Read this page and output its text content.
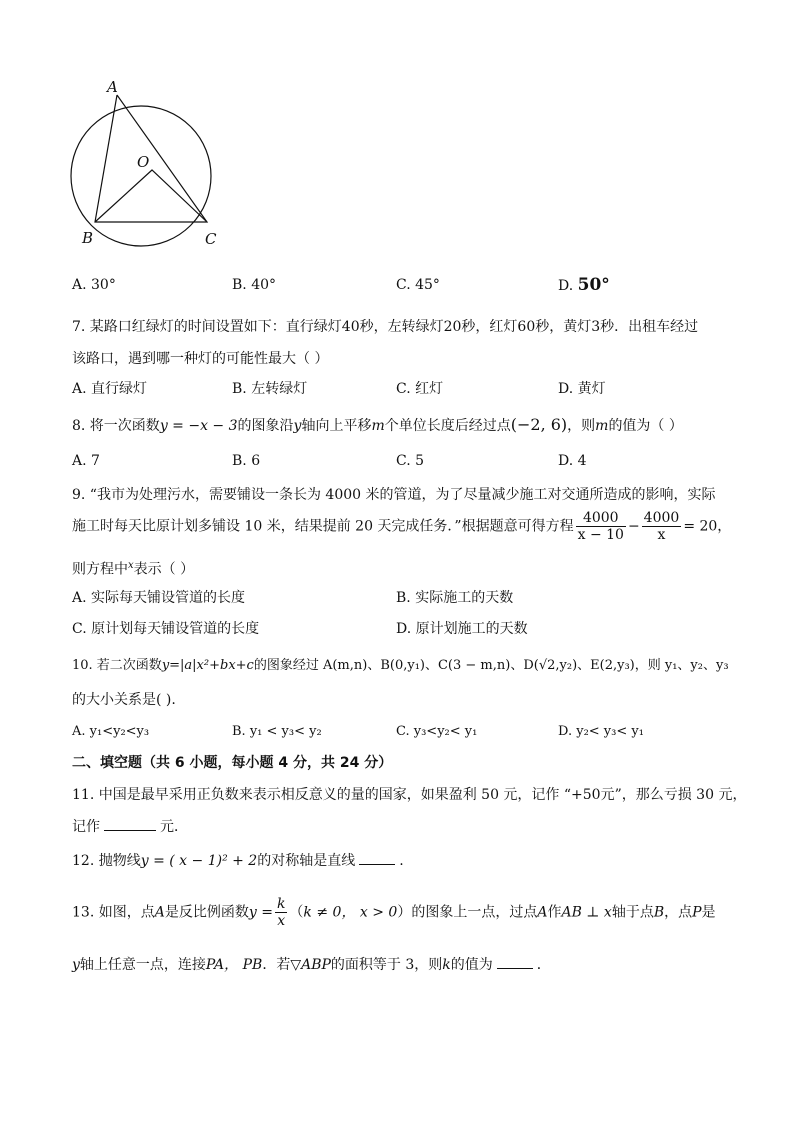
A
O
B	C
A. 30°	B. 40°	C. 45°	D. 50°
7. 某路口红绿灯的时间设置如下：直行绿灯40秒，左转绿灯20秒，红灯60秒，黄灯3秒．出租车经过
该路口，遇到哪一种灯的可能性最大（ ）
A. 直行绿灯	B. 左转绿灯	C. 红灯	D. 黄灯
8. 将一次函数y = −x − 3的图象沿y轴向上平移m个单位长度后经过点(−2, 6)，则m的值为（ ）
A. 7	B. 6	C. 5	D. 4
9. “我市为处理污水，需要铺设一条长为 4000 米的管道，为了尽量减少施工对交通所造成的影响，实际
施工时每天比原计划多铺设 10 米，结果提前 20 天完成任务．”根据题意可得方程 $\frac{4000}{x - 10} - \frac{4000}{x} = 20$，
则方程中$^x$表示（ ）
A. 实际每天铺设管道的长度	B. 实际施工的天数
C. 原计划每天铺设管道的长度	D. 原计划施工的天数
10. 若二次函数y=|a|x²+bx+c的图象经过 A(m,n)、B(0,y₁)、C(3 − m,n)、D(√2,y₂)、E(2,y₃)，则 y₁、y₂、y₃
的大小关系是( ).
A. y₁<y₂<y₃	B. y₁ < y₃< y₂	C. y₃<y₂< y₁	D. y₂< y₃< y₁
二、填空题（共 6 小题，每小题 4 分，共 24 分）
11. 中国是最早采用正负数来表示相反意义的量的国家，如果盈利 50 元，记作 “+50元”，那么亏损 30 元，
记作	元．
12. 抛物线y = ( x − 1)² + 2的对称轴是直线	.
13. 如图，点A是反比例函数$y = \frac{k}{x} (k \ne 0$， x > 0）的图象上一点，过点A作AB ⊥ x轴于点B，点P是
y轴上任意一点，连接PA， PB．若▽ABP的面积等于 3，则k的值为	．
